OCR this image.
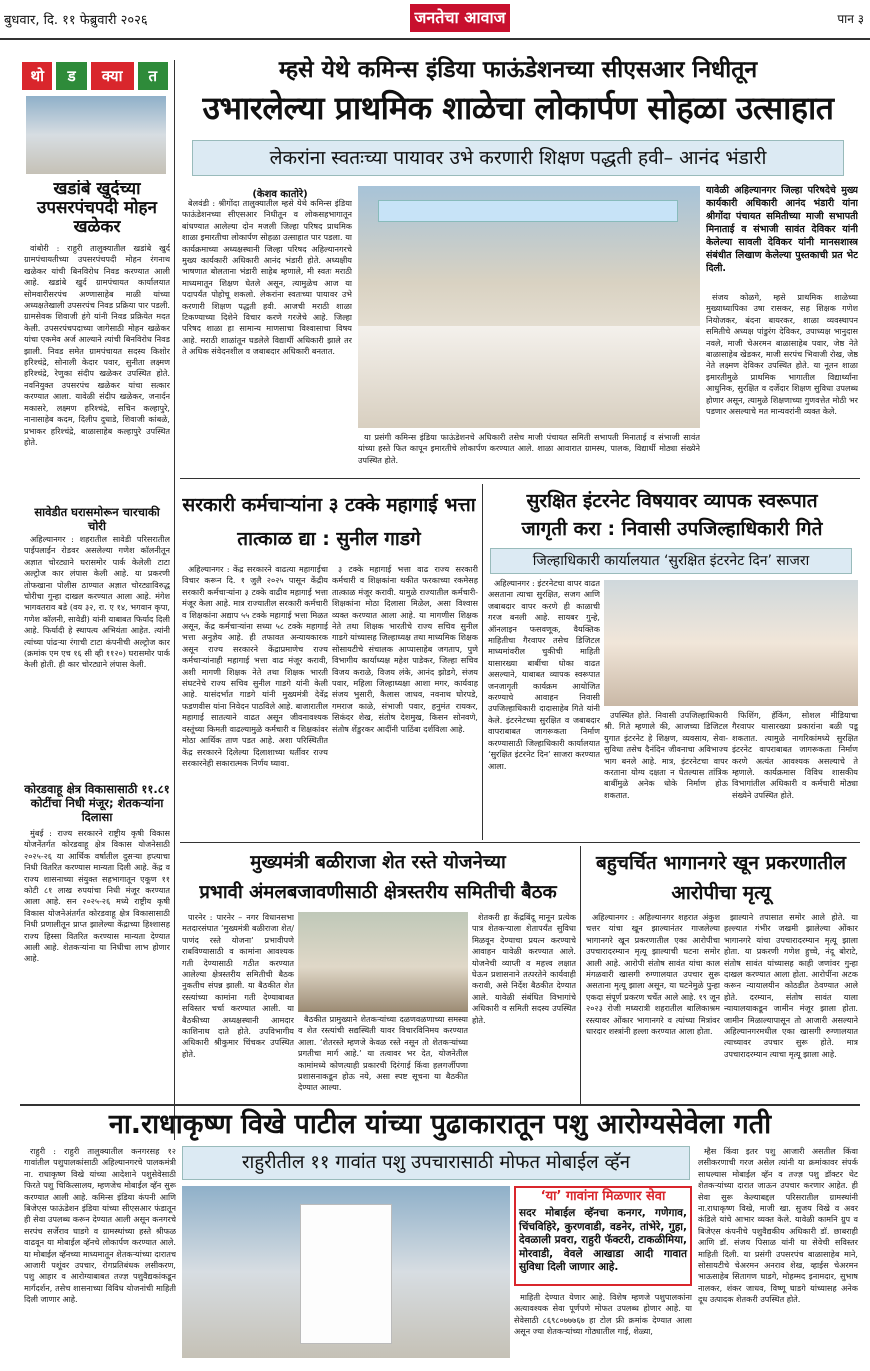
बुधवार, दि. ११ फेब्रुवारी २०२६	जनतेचा आवाज	पान ३
थो	ड	क्या	त
खडांबे खुर्दच्या उपसरपंचपदी मोहन खळेकर

वांबोरी : राहुरी तालुक्यातील खडांबे खुर्द ग्रामपंचायतीच्या उपसरपंचपदी मोहन रंगनाथ खळेकर यांची बिनविरोध निवड करण्यात आली आहे. खडांबे खुर्द ग्रामपंचायत कार्यालयात सोमवारीसरपंच अण्णासाहेब माळी यांच्या अध्यक्षतेखाली उपसरपंच निवड प्रक्रिया पार पडली. ग्रामसेवक शिवाजी हंगे यांनी निवड प्रक्रियेत मदत केली. उपसरपंचपदाच्या जागेसाठी मोहन खळेकर यांचा एकमेव अर्ज आल्याने त्यांची बिनविरोध निवड झाली. निवड समेत ग्रामपंचायत सदस्य किशोर हरिश्चंद्रे, सोनाली केदार पवार, सुनीता लक्ष्मण हरिश्चंद्रे, रेणुका संदीप खळेकर उपस्थित होते. नवनियुक्त उपसरपंच खळेकर यांचा सत्कार करण्यात आला. यावेळी संदीप खळेकर, जनार्दन मकासरे, लक्ष्मण हरिश्चंद्रे, सचिन कल्हापुरे, नानासाहेब कदम, दिलीप दुधाडे, शिवाजी कांबळे, प्रभाकर हरिश्चंद्रे, बाळासाहेब कल्हापुरे उपस्थित होते.

सावेडीत घरासमोरून चारचाकी चोरी

अहिल्यानगर : शहरातील सावेडी परिसरातील पाईपलाईन रोडवर असलेल्या गणेश कॉलनीतून अज्ञात चोरट्याने घरासमोर पार्क केलेली टाटा अल्ट्रोज कार लंपास केली आहे. या प्रकरणी तोफखाना पोलीस ठाण्यात अज्ञात चोरट्याविरुद्ध चोरीचा गुन्हा दाखल करण्यात आला आहे. मंगेश भागवतराव बडे (वय ३२, रा. ए १४, भगवान कृपा, गणेश कॉलनी, सावेडी) यांनी याबाबत फिर्याद दिली आहे. फिर्यादी हे स्थापत्य अभियंता आहेत. त्यांनी त्यांच्या पांढऱ्या रंगाची टाटा कंपनीची अल्ट्रोज कार (क्रमांक एम एच १६ सी व्ही ११२०) घरासमोर पार्क केली होती. ही कार चोरट्याने लंपास केली.

कोरडवाहू क्षेत्र विकासासाठी ११.८१ कोटींचा निधी मंजूर; शेतकऱ्यांना दिलासा

मुंबई : राज्य सरकारने राष्ट्रीय कृषी विकास योजनेंतर्गत कोरडवाहू क्षेत्र विकास योजनेसाठी २०२५-२६ या आर्थिक वर्षातील दुसऱ्या हप्त्याचा निधी वितरित करण्यास मान्यता दिली आहे. केंद्र व राज्य शासनाच्या संयुक्त सहभागातून एकूण ११ कोटी ८१ लाख रुपयांचा निधी मंजूर करण्यात आला आहे. सन २०२५-२६ मध्ये राष्ट्रीय कृषी विकास योजनेअंतर्गत कोरडवाहू क्षेत्र विकासासाठी निधी प्रणालीतून प्राप्त झालेल्या केंद्राच्या हिश्शासह राज्य हिस्सा वितरित करण्यास मान्यता देण्यात आली आहे. शेतकऱ्यांना या निधीचा लाभ होणार आहे.

म्हसे येथे कमिन्स इंडिया फाऊंडेशनच्या सीएसआर निधीतून
उभारलेल्या प्राथमिक शाळेचा लोकार्पण सोहळा उत्साहात
लेकरांना स्वतःच्या पायावर उभे करणारी शिक्षण पद्धती हवी– आनंद भंडारी
(केशव कातोरे)

बेलवंडी : श्रीगोंदा तालुक्यातील म्हसे येथे कमिन्स इंडिया फाऊंडेशनच्या सीएसआर निधीतून व लोकसहभागातून बांधण्यात आलेल्या दोन मजली जिल्हा परिषद प्राथमिक शाळा इमारतीचा लोकार्पण सोहळा उत्साहात पार पडला. या कार्यक्रमाच्या अध्यक्षस्थानी जिल्हा परिषद अहिल्यानगरचे मुख्य कार्यकारी अधिकारी आनंद भंडारी होते. अध्यक्षीय भाषणात बोलताना भंडारी साहेब म्हणाले, मी स्वतः मराठी माध्यमातून शिक्षण घेतले असून, त्यामुळेच आज या पदापर्यंत पोहोचू शकलो. लेकरांना स्वतःच्या पायावर उभे करणारी शिक्षण पद्धती हवी. आजची मराठी शाळा टिकण्याच्या दिशेने विचार करणे गरजेचे आहे. जिल्हा परिषद शाळा हा सामान्य माणसाचा विश्वासाचा विषय आहे. मराठी शाळांतून घडलेले विद्यार्थी अधिकारी झाले तर ते अधिक संवेदनशील व जबाबदार अधिकारी बनतात.

या प्रसंगी कमिन्स इंडिया फाऊंडेशनचे अधिकारी तसेच माजी पंचायत समिती सभापती मिनाताई व संभाजी सावंत यांच्या हस्ते फित कापून इमारतीचे लोकार्पण करण्यात आले. शाळा आवारात ग्रामस्थ, पालक, विद्यार्थी मोठ्या संख्येने उपस्थित होते.

यावेळी अहिल्यानगर जिल्हा परिषदेचे मुख्य कार्यकारी अधिकारी आनंद भंडारी यांना श्रीगोंदा पंचायत समितीच्या माजी सभापती मिनाताई व संभाजी सावंत देविकर यांनी केलेल्या सावली देविकर यांनी मानसशास्त्र संबंधीत लिखाण केलेल्या पुस्तकाची प्रत भेट दिली.

संजय कोळगे, म्हसे प्राथमिक शाळेच्या मुख्याध्यापिका उषा रासकर, सह शिक्षक गणेश नियोजकर, बंदना बायरकर, शाळा व्यवस्थापन समितीचे अध्यक्ष पांडुरंग देविकर, उपाध्यक्ष भानुदास नवले, माजी चेअरमन बाळासाहेब पवार, जेष्ठ नेते बाळासाहेब खेडकर, माजी सरपंच भिवाजी रोख, जेष्ठ नेते लक्ष्मण देविकर उपस्थित होते. या नूतन शाळा इमारतीमुळे प्राथमिक भागातील विद्यार्थ्यांना आधुनिक, सुरक्षित व दर्जेदार शिक्षण सुविधा उपलब्ध होणार असून, त्यामुळे शिक्षणाच्या गुणवत्तेत मोठी भर पडणार असल्याचे मत मान्यवरांनी व्यक्त केले.

सरकारी कर्मचाऱ्यांना ३ टक्के महागाई भत्ता तात्काळ द्या : सुनील गाडगे

अहिल्यानगर : केंद्र सरकारने वाढत्या महागाईचा विचार करून दि. १ जुलै २०२५ पासून केंद्रीय सरकारी कर्मचाऱ्यांना ३ टक्के वाढीव महागाई भत्ता मंजूर केला आहे. मात्र राज्यातील सरकारी कर्मचारी व शिक्षकांना अद्याप ५५ टक्के महागाई भत्ता मिळत असून, केंद्र कर्मचाऱ्यांना सध्या ५८ टक्के महागाई भत्ता अनुज्ञेय आहे. ही तफावत अन्यायकारक असून राज्य सरकारने केंद्राप्रमाणेच राज्य कर्मचाऱ्यांनाही महागाई भत्ता वाढ मंजूर करावी, अशी मागणी शिक्षक नेते तथा शिक्षक भारती संघटनेचे राज्य सचिव सुनील गाडगे यांनी केली आहे. यासंदर्भात गाडगे यांनी मुख्यमंत्री देवेंद्र फडणवीस यांना निवेदन पाठविले आहे. बाजारातील महागाई सातत्याने वाढत असून जीवनावश्यक वस्तूंच्या किमती वाढल्यामुळे कर्मचारी व शिक्षकांवर मोठा आर्थिक ताण पडत आहे. अशा परिस्थितीत केंद्र सरकारने दिलेल्या दिलाशाच्या धर्तीवर राज्य सरकारनेही सकारात्मक निर्णय घ्यावा.

३ टक्के महागाई भत्ता वाढ राज्य सरकारी कर्मचारी व शिक्षकांना थकीत फरकाच्या रकमेसह तात्काळ मंजूर करावी. यामुळे राज्यातील कर्मचारी-शिक्षकांना मोठा दिलासा मिळेल, असा विश्वास व्यक्त करण्यात आला आहे. या मागणीस शिक्षक नेते तथा शिक्षक भारतीचे राज्य सचिव सुनील गाडगे यांच्यासह जिल्हाध्यक्ष तथा माध्यमिक शिक्षक सोसायटीचे संचालक आप्पासाहेब जगताप, पुणे विभागीय कार्याध्यक्ष महेश पाडेकर, जिल्हा सचिव विजय कराळे, विजय लंके, आनंद झोडगे, संजय पवार, महिला जिल्हाध्यक्षा आशा मगर, कार्यवाह संजय भुसारी, कैलास जाधव, नवनाथ घोरपडे, गमराज काळे, संभाजी पवार, हनुमंत रायकर, सिकंदर शेख, संतोष देशमुख, किसन सोनवणे, संतोष शेंडुरकर आदींनी पाठिंबा दर्शविला आहे.

सुरक्षित इंटरनेट विषयावर व्यापक स्वरूपात
जागृती करा : निवासी उपजिल्हाधिकारी गिते
जिल्हाधिकारी कार्यालयात ‘सुरक्षित इंटरनेट दिन’ साजरा

अहिल्यानगर : इंटरनेटचा वापर वाढत असताना त्याचा सुरक्षित, सजग आणि जबाबदार वापर करणे ही काळाची गरज बनली आहे. सायबर गुन्हे, ऑनलाइन फसवणूक, वैयक्तिक माहितीचा गैरवापर तसेच डिजिटल माध्यमांवरील चुकीची माहिती यासारख्या बाबींचा धोका वाढत असल्याने, याबाबत व्यापक स्वरूपात जनजागृती कार्यक्रम आयोजित करण्याचे आवाहन निवासी उपजिल्हाधिकारी दादासाहेब गिते यांनी केले. इंटरनेटच्या सुरक्षित व जबाबदार वापराबाबत जागरूकता निर्माण करण्यासाठी जिल्हाधिकारी कार्यालयात ‘सुरक्षित इंटरनेट दिन’ साजरा करण्यात आला.

उपस्थित होते. निवासी उपजिल्हाधिकारी श्री. गिते म्हणाले की, आजच्या डिजिटल युगात इंटरनेट हे शिक्षण, व्यवसाय, सेवा-सुविधा तसेच दैनंदिन जीवनाचा अविभाज्य भाग बनले आहे. मात्र, इंटरनेटचा वापर करताना योग्य दक्षता न घेतल्यास तांत्रिक बाबींमुळे अनेक धोके निर्माण होऊ शकतात.

फिशिंग, हॅकिंग, सोशल मीडियाचा गैरवापर यासारख्या प्रकारांना बळी पडू शकतात. त्यामुळे नागरिकांमध्ये सुरक्षित इंटरनेट वापराबाबत जागरूकता निर्माण करणे अत्यंत आवश्यक असल्याचे ते म्हणाले. कार्यक्रमास विविध शासकीय विभागांतील अधिकारी व कर्मचारी मोठ्या संख्येने उपस्थित होते.

मुख्यमंत्री बळीराजा शेत रस्ते योजनेच्या
प्रभावी अंमलबजावणीसाठी क्षेत्रस्तरीय समितीची बैठक

पारनेर : पारनेर – नगर विधानसभा मतदारसंघात ‘मुख्यमंत्री बळीराजा शेत/पाणंद रस्ते योजना’ प्रभावीपणे राबविण्यासाठी व कामांना आवश्यक गती देण्यासाठी गठीत करण्यात आलेल्या क्षेत्रस्तरीय समितीची बैठक नुकतीच संपन्न झाली. या बैठकीत शेत रस्त्यांच्या कामांना गती देण्याबाबत सविस्तर चर्चा करण्यात आली. या बैठकीच्या अध्यक्षस्थानी आमदार काशिनाथ दाते होते. उपविभागीय अधिकारी श्रीकुमार चिंचकर उपस्थित होते.

बैठकीत प्रामुख्याने शेतकऱ्यांच्या दळणवळणाच्या समस्या व शेत रस्त्यांची सद्यस्थिती यावर विचारविनिमय करण्यात आला. ‘शेतरस्ते म्हणजे केवळ रस्ते नसून तो शेतकऱ्यांच्या प्रगतीचा मार्ग आहे.’ या तत्वावर भर देत, योजनेतील कामांमध्ये कोणत्याही प्रकारची दिरंगाई किंवा हलगर्जीपणा प्रशासनाकडून होऊ नये, असा स्पष्ट सूचना या बैठकीत देण्यात आल्या.

शेतकरी हा केंद्रबिंदू मानून प्रत्येक पात्र शेतकऱ्याला शेतापर्यंत सुविधा मिळवून देण्याचा प्रयत्न करण्याचे आवाहन यावेळी करण्यात आले. योजनेची व्याप्ती व महत्त्व लक्षात घेऊन प्रशासनाने तत्परतेने कार्यवाही करावी, असे निर्देश बैठकीत देण्यात आले. यावेळी संबंधित विभागांचे अधिकारी व समिती सदस्य उपस्थित होते.

बहुचर्चित भागानगरे खून प्रकरणातील आरोपीचा मृत्यू

अहिल्यानगर : अहिल्यानगर शहरात अंकुश चत्तर यांचा खून झाल्यानंतर गाजलेल्या भागानगरे खून प्रकरणातील एका आरोपीचा उपचारादरम्यान मृत्यू झाल्याची घटना समोर आली आहे. आरोपी संतोष सावंत यांचा काल मंगळवारी खासगी रुग्णालयात उपचार सुरू असताना मृत्यू झाला असून, या घटनेमुळे पुन्हा एकदा संपूर्ण प्रकरण चर्चेत आले आहे. १९ जून २०२३ रोजी मध्यरात्री शहरातील बालिकाश्रम रस्त्यावर ओंकार भागानगरे व त्यांच्या मित्रांवर धारदार शस्त्रांनी हल्ला करण्यात आला होता.

झाल्याने तपासात समोर आले होते. या हल्ल्यात गंभीर जखमी झालेल्या ओंकार भागानगरे यांचा उपचारादरम्यान मृत्यू झाला होता. या प्रकरणी गणेश हुच्चे, नंदू बोराटे, संतोष सावंत यांच्यासह काही जणांवर गुन्हा दाखल करण्यात आला होता. आरोपींना अटक करून न्यायालयीन कोठडीत ठेवण्यात आले होते. दरम्यान, संतोष सावंत याला न्यायालयाकडून जामीन मंजूर झाला होता. जामीन मिळाल्यापासून तो आजारी असल्याने अहिल्यानगरमधील एका खासगी रुग्णालयात त्याच्यावर उपचार सुरू होते. मात्र उपचारादरम्यान त्याचा मृत्यू झाला आहे.

ना.राधाकृष्ण विखे पाटील यांच्या पुढाकारातून पशु आरोग्यसेवेला गती
राहुरीतील ११ गावांत पशु उपचारासाठी मोफत मोबाईल व्हॅन

राहुरी : राहुरी तालुक्यातील कनगरसह १२ गावांतील पशुपालकांसाठी अहिल्यानगरचे पालकमंत्री ना. राधाकृष्ण विखे यांच्या आदेशाने पशुसेवेसाठी फिरते पशु चिकित्सालय, म्हणजेच मोबाईल व्हॅन सुरू करण्यात आली आहे. कमिन्स इंडिया कंपनी आणि बिजेएस फाऊंडेशन इंडिया यांच्या सीएसआर फंडातून ही सेवा उपलब्ध करून देण्यात आली असून कनगरचे सरपंच सर्जेराव घाडगे व ग्रामस्थांच्या हस्ते श्रीफळ वाढवून या मोबाईल व्हॅनचे लोकार्पण करण्यात आले. या मोबाईल व्हॅनच्या माध्यमातून शेतकऱ्यांच्या दारातच आजारी पशूंवर उपचार, रोगप्रतिबंधक लसीकरण, पशु आहार व आरोग्याबाबत तज्ज्ञ पशुवैद्यकांकडून मार्गदर्शन, तसेच शासनाच्या विविध योजनांची माहिती दिली जाणार आहे.

‘या’ गावांना मिळणार सेवा
सदर मोबाईल व्हॅनचा कनगर, गणेगाव, चिंचविहिरे, कुरणवाडी, वडनेर, तांभेरे, गुहा, देवळाली प्रवरा, राहुरी फॅक्टरी, टाकळीमिया, मोरवाडी, वेवले आखाडा आदी गावात सुविधा दिली जाणार आहे.

माहिती देण्यात येणार आहे. विशेष म्हणजे पशुपालकांना अत्यावश्यक सेवा पूर्णपणे मोफत उपलब्ध होणार आहे. या सेवेसाठी ८६९८०७७७६७ हा टोल फ्री क्रमांक देण्यात आला असून ज्या शेतकऱ्यांच्या गोठ्यातील गाई, शेळ्या,

म्हैस किंवा इतर पशु आजारी असतील किंवा लसीकरणाची गरज असेल त्यांनी या क्रमांकावर संपर्क साधल्यास मोबाईल व्हॅन व तज्ज्ञ पशु डॉक्टर थेट शेतकऱ्यांच्या दारात जाऊन उपचार करणार आहेत. ही सेवा सुरू केल्याबद्दल परिसरातील ग्रामस्थांनी ना.राधाकृष्ण विखे, माजी खा. सुजय विखे व अवर कंडिले यांचे आभार व्यक्त केले. यावेळी कामनि ग्रुप व बिजेएस कंपनीचे पशुवैद्यकीय अधिकारी डॉ. छाबराही आणि डॉ. संजय पिसाळ यांनी या सेवेची सविस्तर माहिती दिली. या प्रसंगी उपसरपंच बाळासाहेब माने, सोसायटीचे चेअरमन अनराव शेख, व्हाईस चेअरमन भाऊसाहेब सितागण घाडगे, मोहम्मद इनामदार, सुभाष नालकर, शंकर जाधव, विष्णू घाडगे यांच्यासह अनेक दूध उत्पादक शेतकरी उपस्थित होते.
